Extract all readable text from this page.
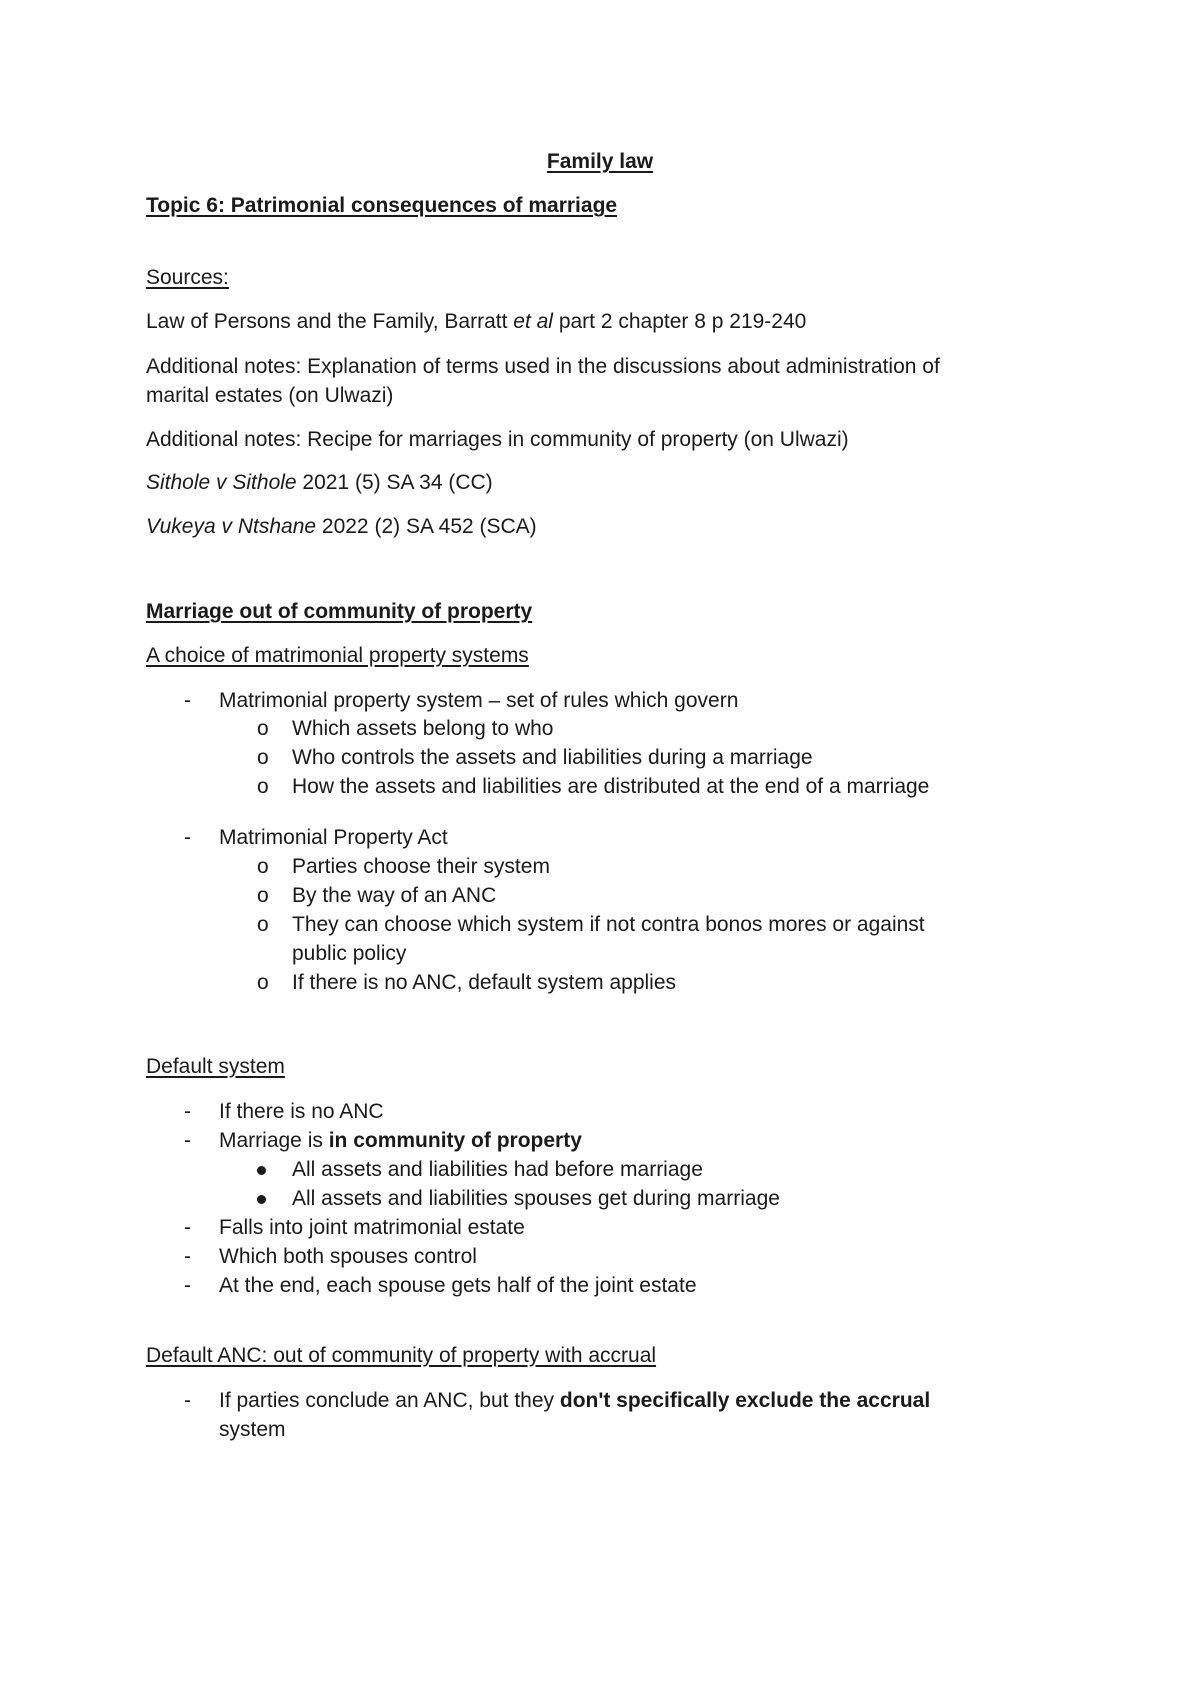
Family law
Topic 6: Patrimonial consequences of marriage
Sources:
Law of Persons and the Family, Barratt et al part 2 chapter 8 p 219-240
Additional notes: Explanation of terms used in the discussions about administration of
marital estates (on Ulwazi)
Additional notes: Recipe for marriages in community of property (on Ulwazi)
Sithole v Sithole 2021 (5) SA 34 (CC)
Vukeya v Ntshane 2022 (2) SA 452 (SCA)
Marriage out of community of property
A choice of matrimonial property systems
- Matrimonial property system – set of rules which govern
o Which assets belong to who
o Who controls the assets and liabilities during a marriage
o How the assets and liabilities are distributed at the end of a marriage
- Matrimonial Property Act
o Parties choose their system
o By the way of an ANC
o They can choose which system if not contra bonos mores or against
public policy
o If there is no ANC, default system applies
Default system
- If there is no ANC
- Marriage is in community of property
All assets and liabilities had before marriage
All assets and liabilities spouses get during marriage
- Falls into joint matrimonial estate
- Which both spouses control
- At the end, each spouse gets half of the joint estate
Default ANC: out of community of property with accrual
- If parties conclude an ANC, but they don't specifically exclude the accrual
system
